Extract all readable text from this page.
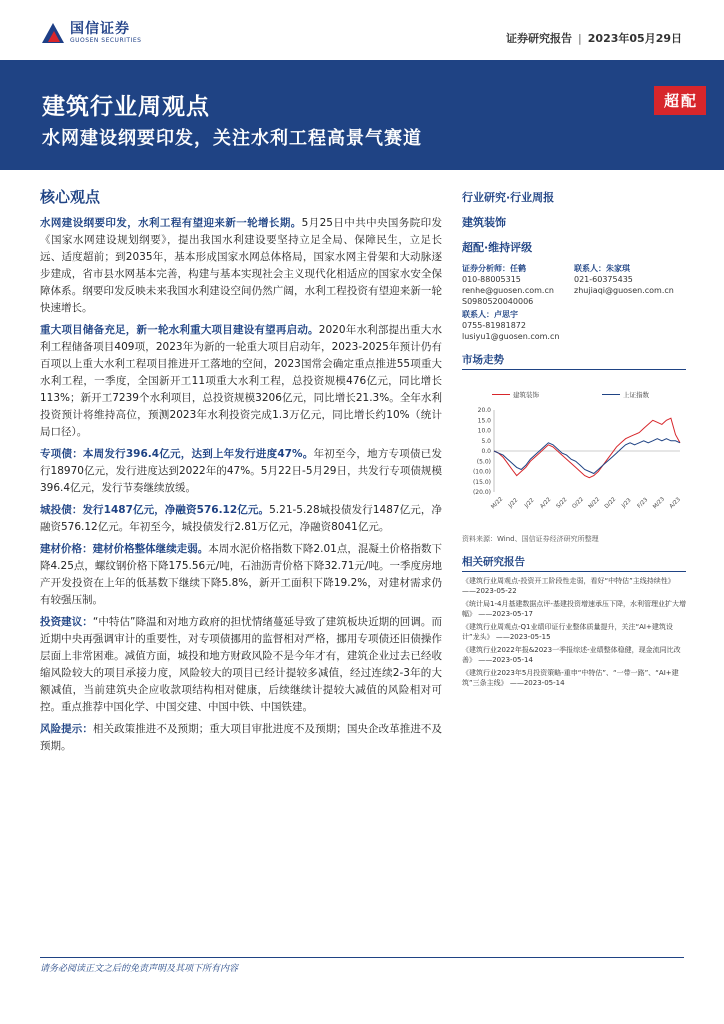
国信证券
GUOSEN SECURITIES	证券研究报告 | 2023年05月29日
建筑行业周观点
水网建设纲要印发，关注水利工程高景气赛道
超配
核心观点

水网建设纲要印发，水利工程有望迎来新一轮增长期。5月25日中共中央国务院印发《国家水网建设规划纲要》，提出我国水利建设要坚持立足全局、保障民生，立足长远、适度超前；到2035年，基本形成国家水网总体格局，国家水网主骨架和大动脉逐步建成，省市县水网基本完善，构建与基本实现社会主义现代化相适应的国家水安全保障体系。纲要印发反映未来我国水利建设空间仍然广阔，水利工程投资有望迎来新一轮快速增长。

重大项目储备充足，新一轮水利重大项目建设有望再启动。2020年水利部提出重大水利工程储备项目409项，2023年为新的一轮重大项目启动年，2023-2025年预计仍有百项以上重大水利工程项目推进开工落地的空间，2023国常会确定重点推进55项重大水利工程，一季度，全国新开工11项重大水利工程，总投资规模476亿元，同比增长113%；新开工7239个水利项目，总投资规模3206亿元，同比增长21.3%。全年水利投资预计将维持高位，预测2023年水利投资完成1.3万亿元，同比增长约10%（统计局口径）。

专项债：本周发行396.4亿元，达到上年发行进度47%。年初至今，地方专项债已发行18970亿元，发行进度达到2022年的47%。5月22日-5月29日，共发行专项债规模396.4亿元，发行节奏继续放缓。

城投债：发行1487亿元，净融资576.12亿元。5.21-5.28城投债发行1487亿元，净融资576.12亿元。年初至今，城投债发行2.81万亿元，净融资8041亿元。

建材价格：建材价格整体继续走弱。本周水泥价格指数下降2.01点，混凝土价格指数下降4.25点，螺纹钢价格下降175.56元/吨，石油沥青价格下降32.71元/吨。一季度房地产开发投资在上年的低基数下继续下降5.8%，新开工面积下降19.2%，对建材需求仍有较强压制。

投资建议：“中特估”降温和对地方政府的担忧情绪蔓延导致了建筑板块近期的回调。而近期中央再强调审计的重要性，对专项债挪用的监督相对严格，挪用专项债还旧债操作层面上非常困难。减值方面，城投和地方财政风险不是今年才有，建筑企业过去已经收缩风险较大的项目承接力度，风险较大的项目已经计提较多减值，经过连续2-3年的大额减值，当前建筑央企应收款项结构相对健康，后续继续计提较大减值的风险相对可控。重点推荐中国化学、中国交建、中国中铁、中国铁建。

风险提示：相关政策推进不及预期；重大项目审批进度不及预期；国央企改革推进不及预期。

行业研究·行业周报
建筑装饰
超配·维持评级
证券分析师：任鹤
010-88005315
renhe@guosen.com.cn
S0980520040006
联系人：朱家琪
021-60375435
zhujiaqi@guosen.com.cn
联系人：卢思宇
0755-81981872
lusiyu1@guosen.com.cn
市场走势
建筑装饰	上证指数
20.0
15.0
10.0
5.0
0.0
(5.0)
(10.0)
(15.0)
(20.0)
M/22 J/22 J/22 A/22 S/22 O/22 N/22 D/22 J/23 F/23 M/23 A/23
资料来源：Wind、国信证券经济研究所整理
相关研究报告
《建筑行业周观点-投资开工阶段性走弱，看好“中特估”主线持续性》 ——2023-05-22
《统计局1-4月基建数据点评-基建投资增速承压下降，水利管理业扩大增幅》 ——2023-05-17
《建筑行业周观点-Q1业绩印证行业整体质量提升，关注“AI+建筑设计”龙头》 ——2023-05-15
《建筑行业2022年报&2023一季报综述-业绩整体稳健，现金流同比改善》 ——2023-05-14
《建筑行业2023年5月投资策略-重申“中特估”、“一带一路”、“AI+建筑”三条主线》 ——2023-05-14
请务必阅读正文之后的免责声明及其项下所有内容
